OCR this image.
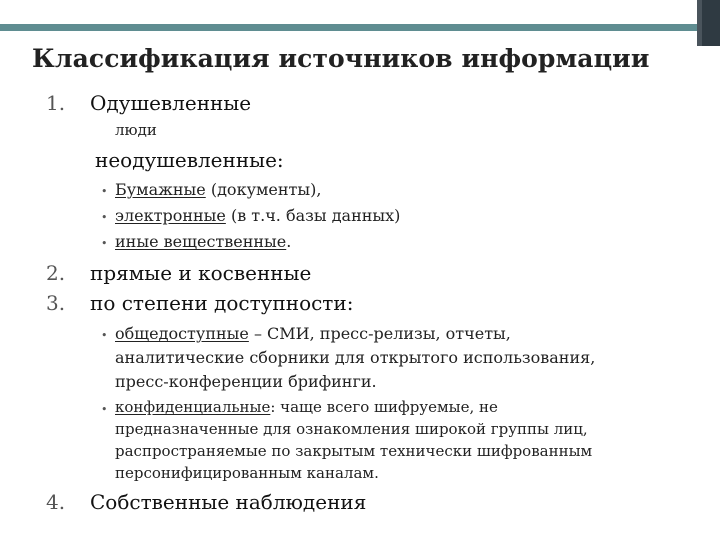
Классификация источников информации
1. Одушевленные
люди
неодушевленные:
• Бумажные (документы),
• электронные (в т.ч. базы данных)
• иные вещественные.
2. прямые и косвенные
3. по степени доступности:
• общедоступные – СМИ, пресс-релизы, отчеты,
аналитические сборники для открытого использования,
пресс-конференции брифинги.
• конфиденциальные: чаще всего шифруемые, не
предназначенные для ознакомления широкой группы лиц,
распространяемые по закрытым технически шифрованным
персонифицированным каналам.
4. Собственные наблюдения
